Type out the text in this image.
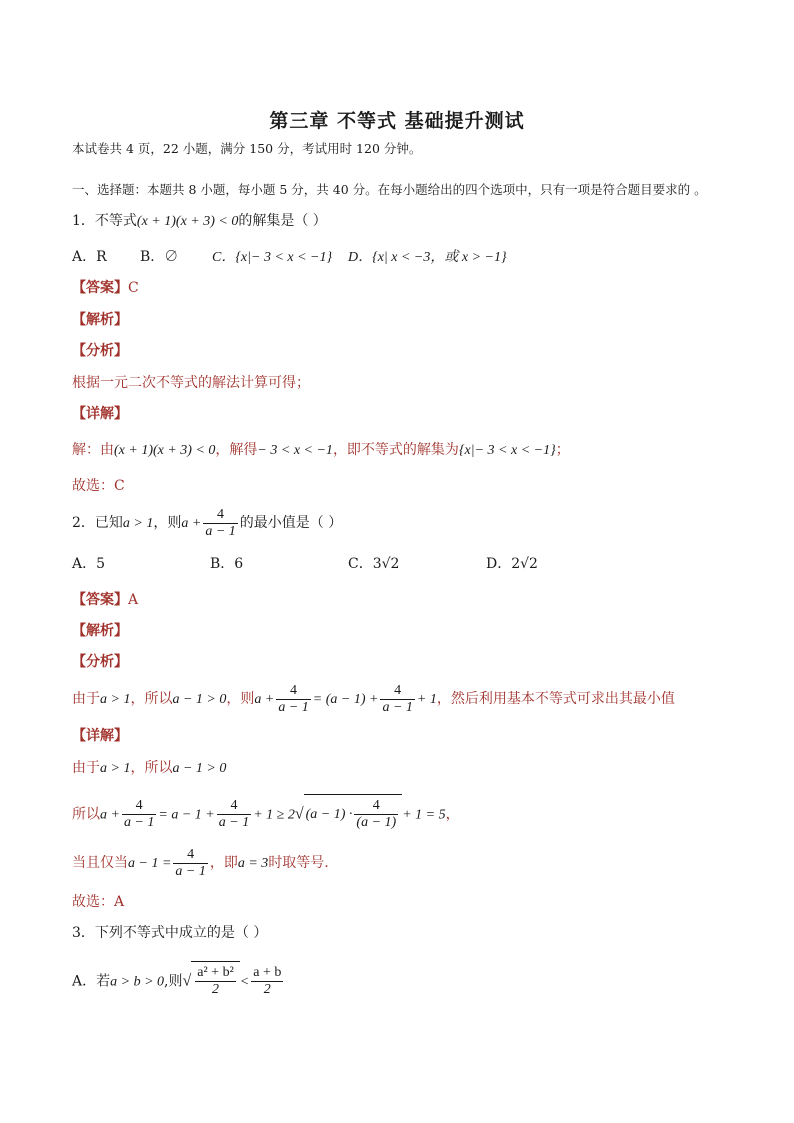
第三章 不等式 基础提升测试
本试卷共 4 页，22 小题，满分 150 分，考试用时 120 分钟。
一、选择题：本题共 8 小题，每小题 5 分，共 40 分。在每小题给出的四个选项中，只有一项是符合题目要求的 。
1．不等式(x + 1)(x + 3) < 0的解集是（ ）
A．R B．∅ C．{x|− 3 < x < −1} D．{x| x < −3，或 x > −1}
【答案】C
【解析】
【分析】
根据一元二次不等式的解法计算可得；
【详解】
解：由(x + 1)(x + 3) < 0，解得− 3 < x < −1，即不等式的解集为{x|− 3 < x < −1}；
故选：C
2．已知a > 1，则$a + \frac{4}{a - 1}$ 的最小值是（ ）
A．5	B．6	C．3√2	D．2√2
【答案】A
【解析】
【分析】
由于a > 1，所以a − 1 > 0，则$a + \frac{4}{a - 1} = (a - 1) + \frac{4}{a - 1} + 1$，然后利用基本不等式可求出其最小值
【详解】
由于a > 1，所以a − 1 > 0
所以$a + \frac{4}{a - 1} = a - 1 + \frac{4}{a - 1} + 1 \ge 2√$ $(a - 1) \cdot \frac{4}{(a - 1)} + 1 = 5$，
当且仅当$a - 1 = \frac{4}{a - 1}$ ，即a = 3时取等号.
故选：A
3．下列不等式中成立的是（ ）
A．若a > b > 0,则√ $\frac{\text{a² + b²}}{2} < \frac{a + b}{2}$
